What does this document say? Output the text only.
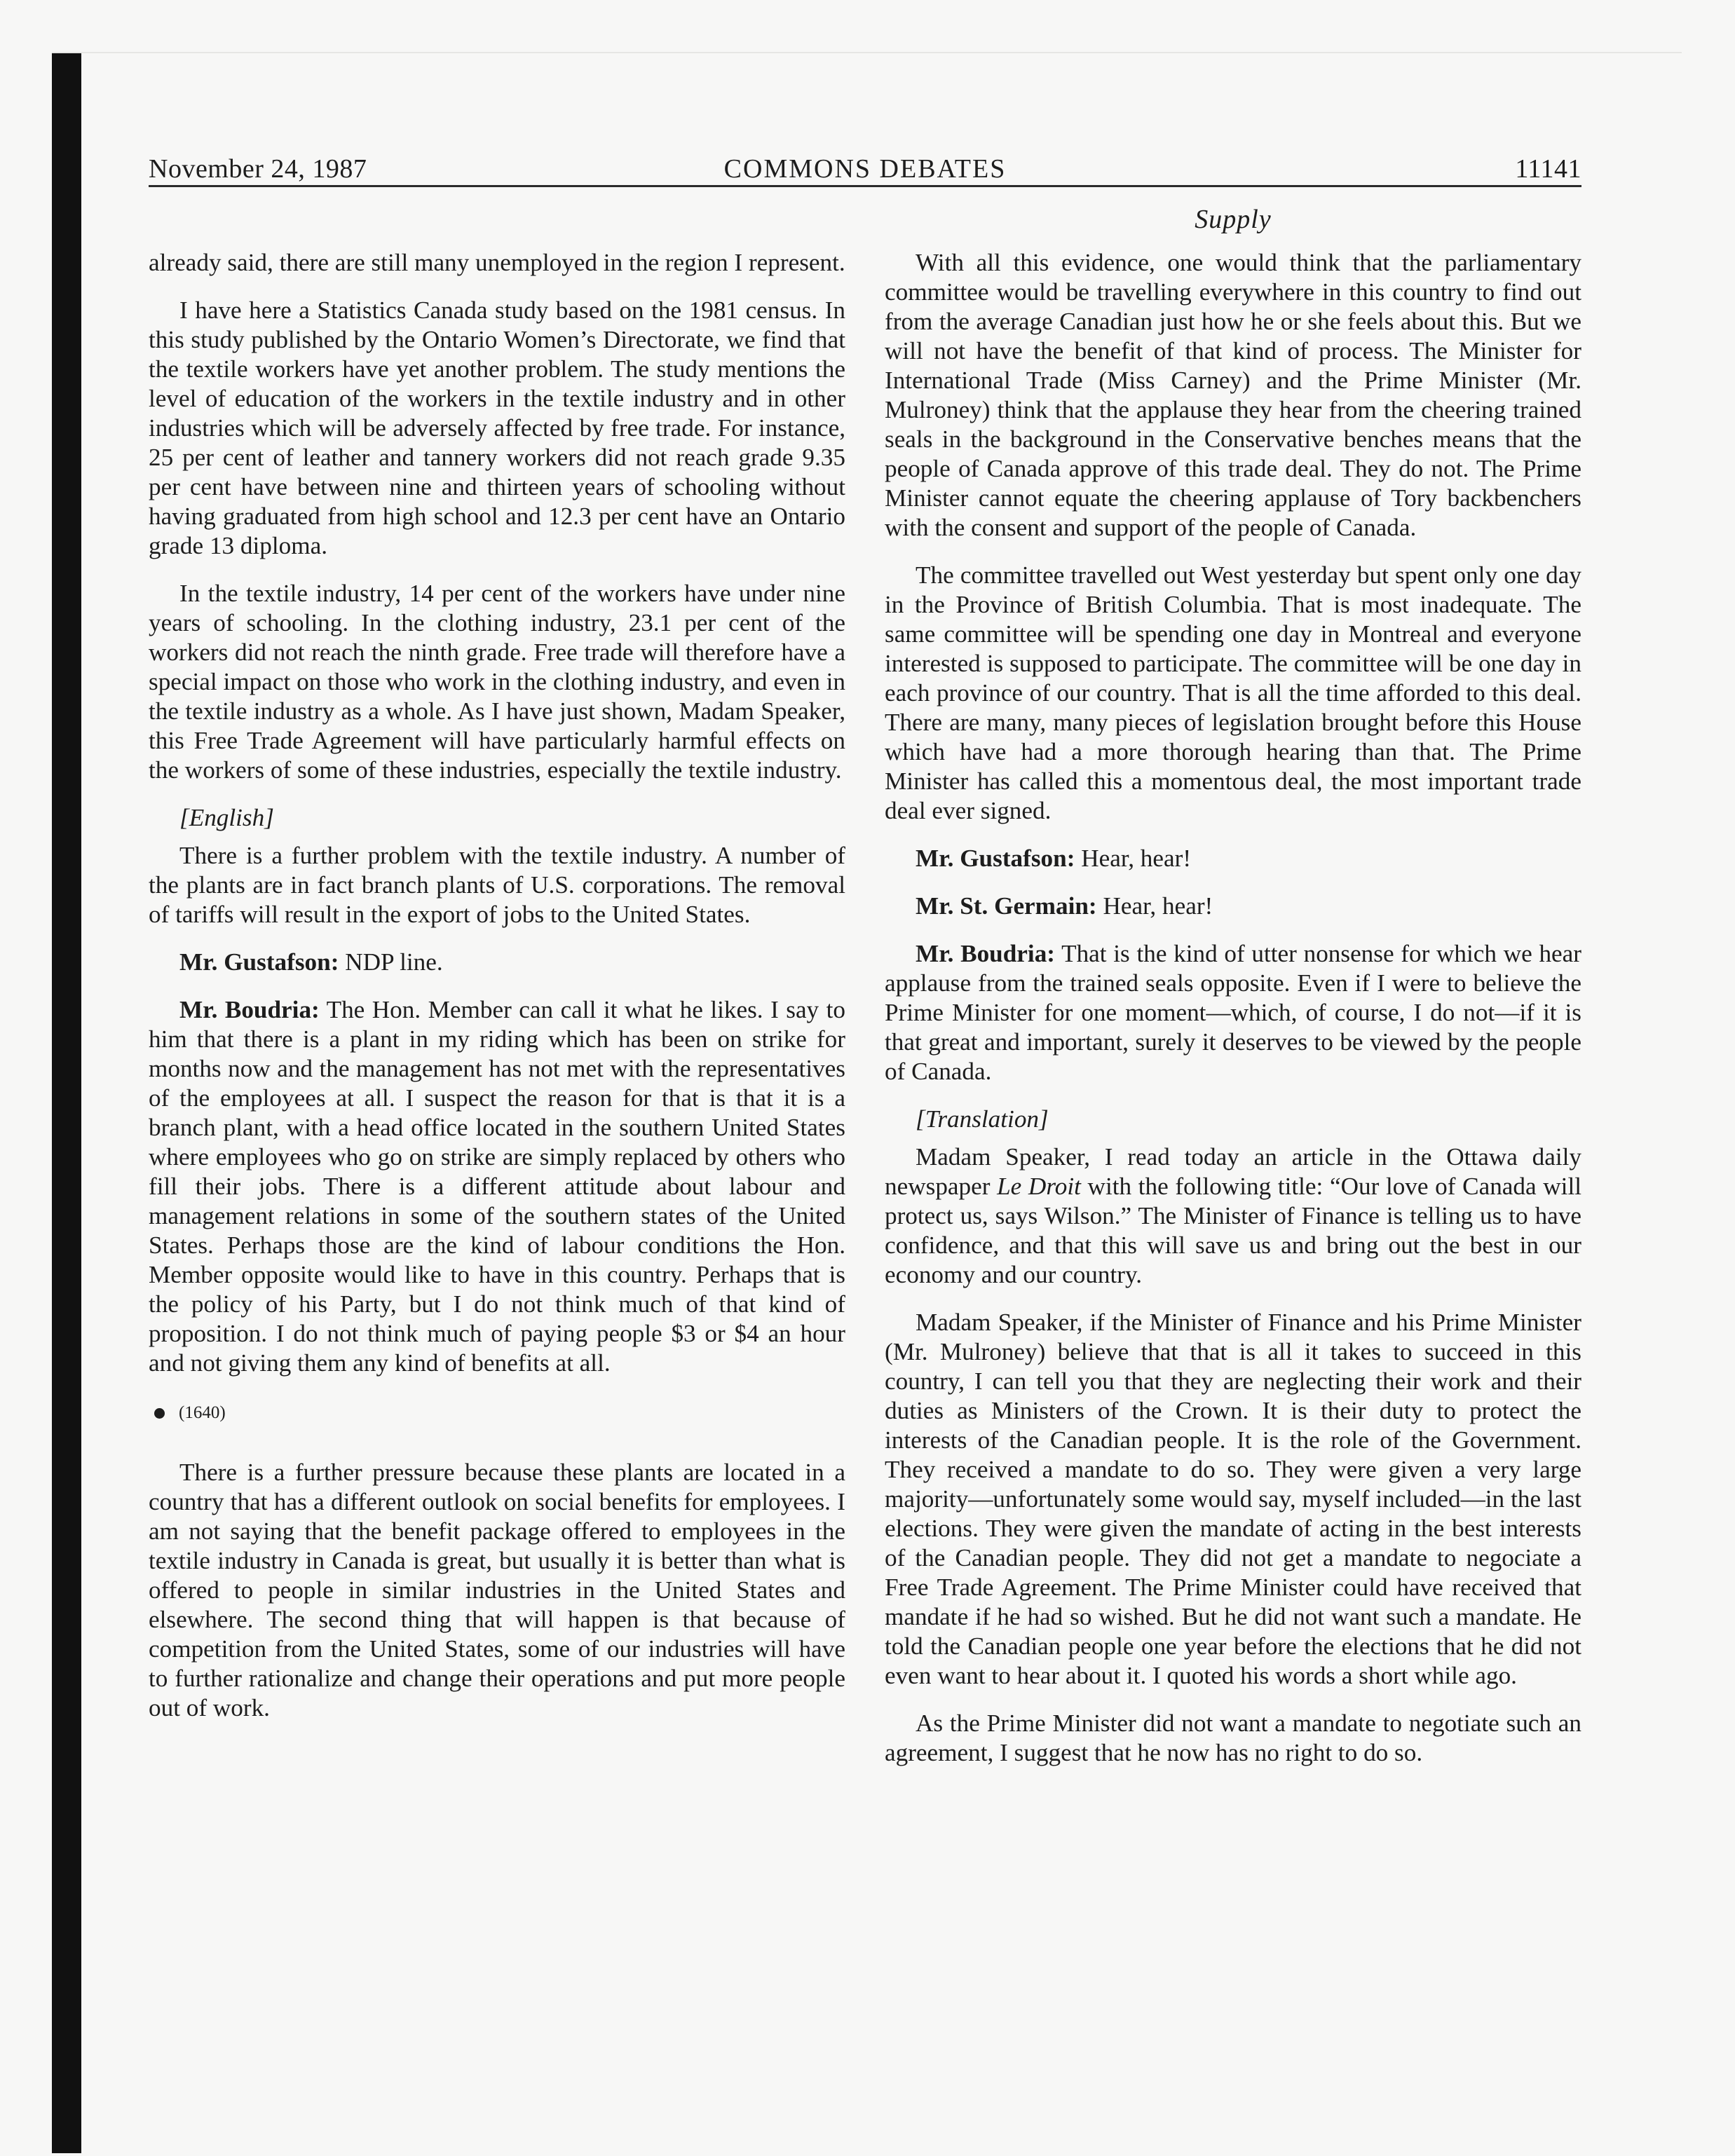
November 24, 1987	COMMONS DEBATES	11141
Supply

already said, there are still many unemployed in the region I represent.

I have here a Statistics Canada study based on the 1981 census. In this study published by the Ontario Women’s Directorate, we find that the textile workers have yet another problem. The study mentions the level of education of the workers in the textile industry and in other industries which will be adversely affected by free trade. For instance, 25 per cent of leather and tannery workers did not reach grade 9.35 per cent have between nine and thirteen years of schooling without having graduated from high school and 12.3 per cent have an Ontario grade 13 diploma.

In the textile industry, 14 per cent of the workers have under nine years of schooling. In the clothing industry, 23.1 per cent of the workers did not reach the ninth grade. Free trade will therefore have a special impact on those who work in the clothing industry, and even in the textile industry as a whole. As I have just shown, Madam Speaker, this Free Trade Agreement will have particularly harmful effects on the workers of some of these industries, especially the textile industry.

[English]

There is a further problem with the textile industry. A number of the plants are in fact branch plants of U.S. corporations. The removal of tariffs will result in the export of jobs to the United States.

Mr. Gustafson: NDP line.

Mr. Boudria: The Hon. Member can call it what he likes. I say to him that there is a plant in my riding which has been on strike for months now and the management has not met with the representatives of the employees at all. I suspect the reason for that is that it is a branch plant, with a head office located in the southern United States where employees who go on strike are simply replaced by others who fill their jobs. There is a different attitude about labour and management relations in some of the southern states of the United States. Perhaps those are the kind of labour conditions the Hon. Member opposite would like to have in this country. Perhaps that is the policy of his Party, but I do not think much of that kind of proposition. I do not think much of paying people $3 or $4 an hour and not giving them any kind of benefits at all.

(1640)

There is a further pressure because these plants are located in a country that has a different outlook on social benefits for employees. I am not saying that the benefit package offered to employees in the textile industry in Canada is great, but usually it is better than what is offered to people in similar industries in the United States and elsewhere. The second thing that will happen is that because of competition from the United States, some of our industries will have to further rationalize and change their operations and put more people out of work.

With all this evidence, one would think that the parliamentary committee would be travelling everywhere in this country to find out from the average Canadian just how he or she feels about this. But we will not have the benefit of that kind of process. The Minister for International Trade (Miss Carney) and the Prime Minister (Mr. Mulroney) think that the applause they hear from the cheering trained seals in the background in the Conservative benches means that the people of Canada approve of this trade deal. They do not. The Prime Minister cannot equate the cheering applause of Tory backbenchers with the consent and support of the people of Canada.

The committee travelled out West yesterday but spent only one day in the Province of British Columbia. That is most inadequate. The same committee will be spending one day in Montreal and everyone interested is supposed to participate. The committee will be one day in each province of our country. That is all the time afforded to this deal. There are many, many pieces of legislation brought before this House which have had a more thorough hearing than that. The Prime Minister has called this a momentous deal, the most important trade deal ever signed.

Mr. Gustafson: Hear, hear!

Mr. St. Germain: Hear, hear!

Mr. Boudria: That is the kind of utter nonsense for which we hear applause from the trained seals opposite. Even if I were to believe the Prime Minister for one moment—which, of course, I do not—if it is that great and important, surely it deserves to be viewed by the people of Canada.

[Translation]

Madam Speaker, I read today an article in the Ottawa daily newspaper Le Droit with the following title: “Our love of Canada will protect us, says Wilson.” The Minister of Finance is telling us to have confidence, and that this will save us and bring out the best in our economy and our country.

Madam Speaker, if the Minister of Finance and his Prime Minister (Mr. Mulroney) believe that that is all it takes to succeed in this country, I can tell you that they are neglecting their work and their duties as Ministers of the Crown. It is their duty to protect the interests of the Canadian people. It is the role of the Government. They received a mandate to do so. They were given a very large majority—unfortunately some would say, myself included—in the last elections. They were given the mandate of acting in the best interests of the Canadian people. They did not get a mandate to negociate a Free Trade Agreement. The Prime Minister could have received that mandate if he had so wished. But he did not want such a mandate. He told the Canadian people one year before the elections that he did not even want to hear about it. I quoted his words a short while ago.

As the Prime Minister did not want a mandate to negotiate such an agreement, I suggest that he now has no right to do so.
